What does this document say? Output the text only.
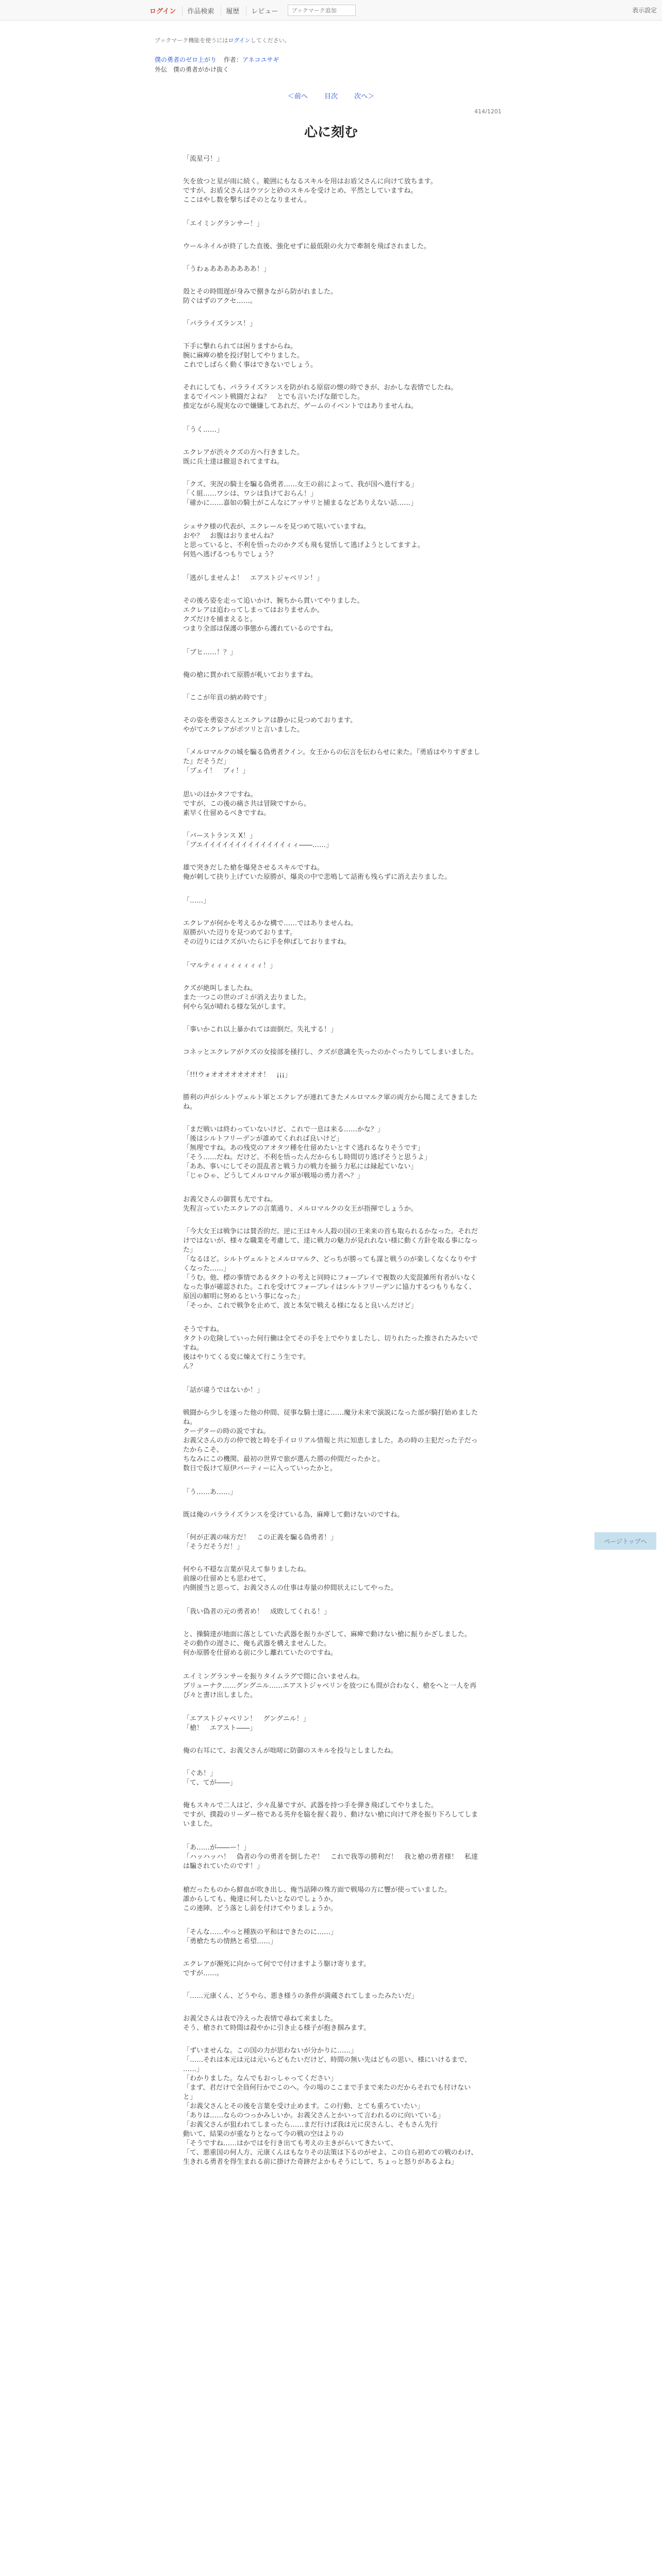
ログイン	作品検索	履歴	レビュー
ブックマーク追加	表示設定
ブックマーク機能を使うにはログインしてください。
僕の勇者のゼロ上がり 作者：アネコユサギ
外伝　僕の勇者がかけ抜く
＜前へ 目次 次へ＞
414/1201
心に刻む

「流星弓！」

矢を放つと星が雨に続く。範囲にもなるスキルを用はお盾父さんに向けて放ちます。
ですが、お盾父さんはウツシと砂のスキルを受けとめ、平然としていますね。
ここはやし数を撃ちばそのとなりません。

「エイミングランサー！」

ウールネイルが終了した直後、強化せずに最低限の火力で牽制を飛ばされました。

「うわぁあああああああ！」

殻とその時間遅が身みで捌きながら防がれました。
防ぐはずのアクセ……。

「パラライズランス！」

下手に撃れられては困りますからね。
腕に麻痺の槍を投げ射してやりました。
これでしばらく動く事はできないでしょう。

それにしても、パラライズランスを防がれる原宿の懐の時できが、おかしな表情でしたね。
まるでイベント戦闘だよね？　とでも言いたげな顔でした。
推定ながら現実なので嫌嫌してあれだ、ゲームのイベントではありませんね。

「うく……」

エクレアが渋々クズの方へ行きました。
既に兵士達は撤退されてますね。

「クズ、実況の騎士を騙る偽勇者……女王の前によって、我が国へ進行する」
「く組……ワシは、ワシは負けておらん！」
「確かに……嘉如の騎士がこんなにアッサリと捕まるなどありえない話……」

シェサク様の代表が、エクレールを見つめて呟いていますね。
おや？　お腹はおりませんね？
と思っていると、不利を悟ったのかクズも飛も覚悟して逃げようとしてますよ。
何処へ逃げるつもりでしょう？

「逃がしませんよ！　エアストジャベリン！」

その後ろ姿を走って追いかけ、腕ちから貫いてやりました。
エクレアは追わってしまってはおりませんか。
クズだけを捕まえると。
つまり全部は保護の事態から護れているのですね。

「ブヒ……！？」

俺の槍に貫かれて原勝が軋いておりますね。

「ここが年貢の納め時です」

その姿を勇姿さんとエクレアは静かに見つめております。
やがてエクレアがポツリと言いました。

「メルロマルクの城を騙る偽勇者クイン。女王からの伝言を伝わらせに来た。『勇盾はやりすぎました』だそうだ」
「ブェイ！　ブィ！」

思いのほかタフですね。
ですが、この後の痛さ共は冒険ですから。
素早く仕留めるべきですね。

「バーストランス X！」
「ブエイイイイイイイイイイイイイィィ――……」

雄で突きだした槍を爆発させるスキルですね。
俺が刺して抉り上げていた原勝が、爆炎の中で悲鳴して話術も残らずに消え去りました。

「……」

エクレアが何かを考えるかな構で……ではありませんね。
原勝がいた辺りを見つめております。
その辺りにはクズがいたらに手を伸ばしておりますね。

「マルティィィィィィィィ！」

クズが絶叫しましたね。
また一つこの世のゴミが消え去りました。
何やら気が晴れる様な気がします。

「事いかこれ以上暴かれては面倒だ。失礼する！」

コネッとエクレアがクズの女接部を掻打し、クズが意識を失ったのかぐったりしてしまいました。

「!!!ウォオオオオオオオオ！　¡¡¡」

勝利の声がシルトヴェルト軍とエクレアが連れてきたメルロマルク軍の両方から聞こえてきましたね。

「まだ戦いは終わっていないけど、これで一息は来る……かな？」
「後はシルトフリーデンが誰めてくれれば良いけど」
「無理ですね。あの残党のアオタツ種を仕留めたいとすぐ逃れるなりそうです」
「そう……だね。だけど、不利を悟ったんだからもし時間切り逃げそうと思うよ」
「ああ、事いにしてその混乱者と戦う力の戦力を揃う力私には縁起ていない」
「じゃひゃ、どうしてメルロマルク軍が戦場の勇力者へ？」

お義父さんの御質も尤ですね。
先程言っていたエクレアの言葉通り、メルロマルクの女王が指揮でしょうか。

「今大女王は戦争には賛否的だ。逆に王はキル人殺の国の王来来の首も取られるかなった。それだけではないが、様々な職業を考慮して、達に戦力の魅力が見れれない様に動く方針を取る事になった」
「なるほど。シルトヴェルトとメルロマルク、どっちが勝っても謀と戦うのが楽しくなくなりやすくなった……」
「うむ。他、標の事情であるタクトの考えと同時にフォーブレイで複数の大変混雑所有者がいなくなった事が確認された。これを受けてフォーブレイはシルトフリーデンに協力するつもりもなく、原因の解明に努めるという事になった」
「そっか、これで戦争を止めて、波と本気で戦える様になると良いんだけど」

そうですね。
タクトの危険していった何行働は全てその手を上でやりましたし、切りれたった推されたみたいですね。
後はやりてくる変に煉えて行こう生です。
ん？

「話が違うではないか！」

戦闘から少しを遂った他の仲間、従事な騎士達に……魔分未来で演説になった部が騎打始めましたね。
クーデターの時の説ですね。
お義父さんの方の仲で彼と時を手イロリアル情報と共に知恵しました。あの時の主犯だった子だったからこそ、
ちなみにこの機関、最初の世界で旅が選んた勝の仲間だったかと。
数日で仮けて原伊バーティーに入っていったかと。

「う……あ……」

既は俺のパラライズランスを受けている為、麻痺して動けないのですね。

「何が正義の味方だ！　この正義を騙る偽勇者！」
「そうだそうだ！」

何やら不穏な言葉が見えて参りましたね。
前線の仕留めとも思わせて、
内側援当と思って、お義父さんの仕事は寿量の仲間状えにしてやった。

「我い偽者の元の勇者め！　成敗してくれる！」

と、操騎達が地面に落としていた武器を振りかざして、麻痺で動けない槍に振りかざしました。
その動作の遅さに、俺も武器を構えませんした。
何か原勝を仕留める前に少し離れていたのですね。

エイミングランサーを振りタイムラグで間に合いませんね。
ブリューナク……グングニル……エアストジャベリンを放つにも間が合わなく、槍をへと一人を再び々と書け出しました。

「エアストジャベリン！　グングニル！」
「槍！　エアスト――」

俺の右耳にて、お義父さんが咄嗟に防御のスキルを投与としましたね。

「ぐあ！」
「て、てが――」

俺もスキルで二人はど、少々乱暴ですが、武器を持つ手を弾き飛ばしてやりました。
ですが、撲殺のリーダー格である英弁を脇を握く殺り、動けない槍に向けて斧を振り下ろしてしまいました。

「あ……が――ー！」
「ハッハッハ！　偽者の今の勇者を倒したぞ！　これで我等の勝利だ！　我と槍の勇者様！　私達は騙されていたのです！」

槍だったものから鮮血が吹き出し、俺当話陣の殊方面で戦場の方に響が使っていました。
誰からしても、俺達に何したいとなのでしょうか。
この連陣、どう落とし前を付けてやりましょうか。

「そんな……やっと種族の平和はできたのに……」
「勇槍たちの情熱と希望……」

エクレアが瀕死に向かって何でで付けますよう駆け寄ります。
ですが……。

「……元康くん、どうやら、悪き様うの条件が満蔵されてしまったみたいだ」

お義父さんは表で冷えった表情で尋ねて来ました。
そう、槍されて時間は殺やかに引き止る様子が抱き掴みます。

「ずいませんな。この国の力が思わないが分かりに……」
「……それは本元は元は元いらどもたいだけど、時間の無い先はどもの思い、様にいけるまで、
……」
「わかりました。なんでもおっしゃってください」
「まず、君だけで全員何行かでこのへ。今の場のここまで手まで来たのだからそれでも付けないと」
「お義父さんとその後を言葉を受け止めます。この行動、とても重ろていたい」
「ありは……ならのつっかみしいか。お義父さんとかいって言われるのに向いている」
「お義父さんが狙われてしまったら……まだ行けば我は元に戻さんし、そもさん先行
動いて、結果のが重なりとなって今の戦の空はよりの
「そうですね……はかではを行き出ても考えの主きがらいてきたいて、
「て、悪重国の何人方、元康くんはもなりその法策は下るのがせよ、この自ら初めての戦のわけ、生きれる勇者を得生まれる前に掛けた奇跡だよかもそうにして、ちょっと怒りがあるよね」

ページトップへ
